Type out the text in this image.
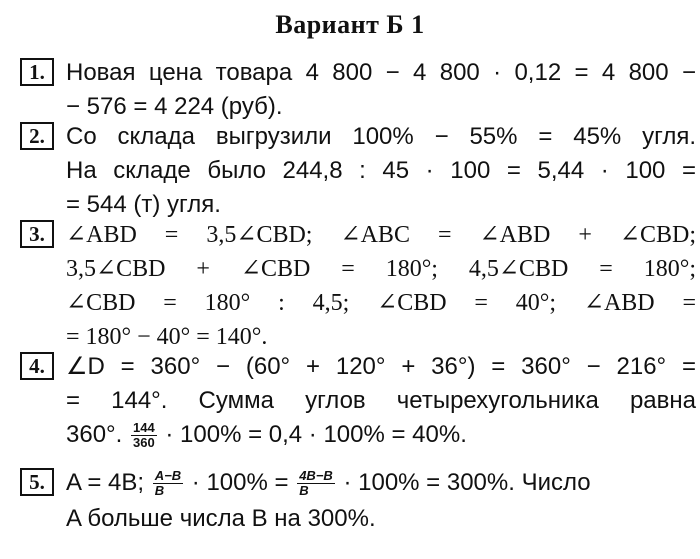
Вариант Б 1
1. Новая цена товара 4 800 − 4 800 · 0,12 = 4 800 −
− 576 = 4 224 (руб).
2. Со склада выгрузили 100% − 55% = 45% угля.
На складе было 244,8 : 45 · 100 = 5,44 · 100 =
= 544 (т) угля.
3. ∠ABD = 3,5∠CBD; ∠ABC = ∠ABD + ∠CBD;
3,5∠CBD + ∠CBD = 180°; 4,5∠CBD = 180°;
∠CBD = 180° : 4,5; ∠CBD = 40°; ∠ABD =
= 180° − 40° = 140°.
4. ∠D = 360° − (60° + 120° + 36°) = 360° − 216° =
= 144°. Сумма углов четырехугольника равна
360°. $\frac{144}{360} \cdot 100\% = 0,4 \cdot 100\% = 40\%$.
5. A = 4B; $\frac{A-B}{B} \cdot 100\% = \frac{4B-B}{B} \cdot 100\% = 300\%$. Число
A больше числа B на 300%.
